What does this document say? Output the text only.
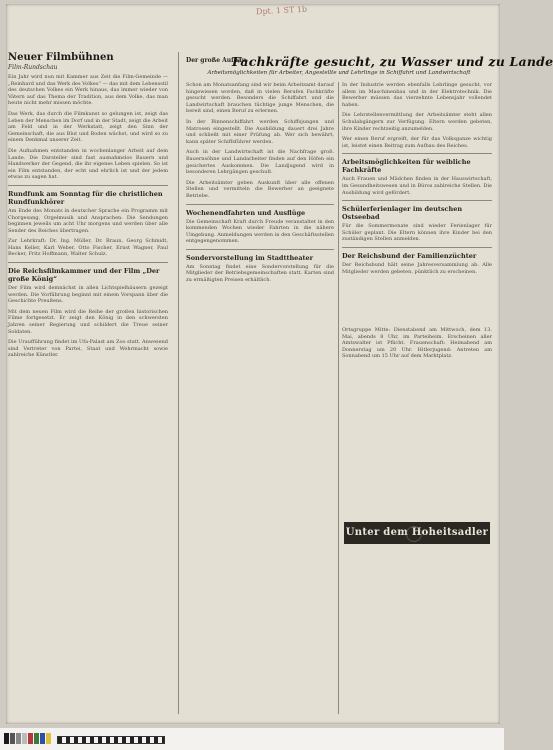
Dpt. 1 ST 1b
Neuer Filmbühnen
Film-Rundschau

Ein Jahr wird nun mit Kammer aus Zeit die Film-Gemeinde — „Reinhard und das Werk des Volkes“ — das mit dem Lebensstil des deutschen Volkes ein Werk hinaus, das immer wieder von Vätern auf das Thema der Tradition, aus dem Volke, das man heute nicht mehr missen möchte.

Das Werk, das durch die Filmkunst so gelungen ist, zeigt das Leben der Menschen im Dorf und in der Stadt, zeigt die Arbeit am Feld und in der Werkstatt, zeigt den Sinn der Gemeinschaft, die aus Blut und Boden wächst, und wird so zu einem Denkmal unserer Zeit.

Die Aufnahmen entstanden in wochenlanger Arbeit auf dem Lande. Die Darsteller sind fast ausnahmslos Bauern und Handwerker der Gegend, die ihr eigenes Leben spielen. So ist ein Film entstanden, der echt und ehrlich ist und der jedem etwas zu sagen hat.

Rundfunk am Sonntag für die christlichen Rundfunkhörer

Am Ende des Monats in deutscher Sprache ein Programm mit Chorgesang, Orgelmusik und Ansprachen. Die Sendungen beginnen jeweils um acht Uhr morgens und werden über alle Sender des Reiches übertragen.

Zur Lehrkraft: Dr. Ing. Müller, Dr. Braun, Georg Schmidt, Hans Keller, Karl Weber, Otto Fischer, Ernst Wagner, Paul Becker, Fritz Hoffmann, Walter Schulz.

Die Reichsfilmkammer und der Film „Der große König“

Der Film wird demnächst in allen Lichtspielhäusern gezeigt werden. Die Vorführung beginnt mit einem Vorspann über die Geschichte Preußens.

Mit dem neuen Film wird die Reihe der großen historischen Filme fortgesetzt. Er zeigt den König in den schwersten Jahren seiner Regierung und schildert die Treue seiner Soldaten.

Die Uraufführung findet im Ufa-Palast am Zoo statt. Anwesend sind Vertreter von Partei, Staat und Wehrmacht sowie zahlreiche Künstler.

Der große Aufbau
Fachkräfte gesucht, zu Wasser und zu Lande
Arbeitsmöglichkeiten für Arbeiter, Angestellte und Lehrlinge in Schiffahrt und Landwirtschaft

Schon am Monatsanfang sind wir beim Arbeitsamt darauf hingewiesen worden, daß in vielen Berufen Fachkräfte gesucht werden. Besonders die Schiffahrt und die Landwirtschaft brauchen tüchtige junge Menschen, die bereit sind, einen Beruf zu erlernen.

In der Binnenschiffahrt werden Schiffsjungen und Matrosen eingestellt. Die Ausbildung dauert drei Jahre und schließt mit einer Prüfung ab. Wer sich bewährt, kann später Schiffsführer werden.

Auch in der Landwirtschaft ist die Nachfrage groß. Bauernsöhne und Landarbeiter finden auf den Höfen ein gesichertes Auskommen. Die Landjugend wird in besonderen Lehrgängen geschult.

Die Arbeitsämter geben Auskunft über alle offenen Stellen und vermitteln die Bewerber an geeignete Betriebe.

Wochenendfahrten und Ausflüge

Die Gemeinschaft Kraft durch Freude veranstaltet in den kommenden Wochen wieder Fahrten in die nähere Umgebung. Anmeldungen werden in den Geschäftsstellen entgegengenommen.

Sondervorstellung im Stadttheater

Am Sonntag findet eine Sondervorstellung für die Mitglieder der Betriebsgemeinschaften statt. Karten sind zu ermäßigten Preisen erhältlich.

In der Industrie werden ebenfalls Lehrlinge gesucht, vor allem im Maschinenbau und in der Elektrotechnik. Die Bewerber müssen das vierzehnte Lebensjahr vollendet haben.

Die Lehrstellenvermittlung der Arbeitsämter steht allen Schulabgängern zur Verfügung. Eltern werden gebeten, ihre Kinder rechtzeitig anzumelden.

Wer einen Beruf ergreift, der für das Volksganze wichtig ist, leistet einen Beitrag zum Aufbau des Reiches.

Arbeitsmöglichkeiten für weibliche Fachkräfte

Auch Frauen und Mädchen finden in der Hauswirtschaft, im Gesundheitswesen und in Büros zahlreiche Stellen. Die Ausbildung wird gefördert.

Schülerferienlager im deutschen Ostseebad

Für die Sommermonate sind wieder Ferienlager für Schüler geplant. Die Eltern können ihre Kinder bei den zuständigen Stellen anmelden.

Der Reichsbund der Familienzüchter

Der Reichsbund hält seine Jahresversammlung ab. Alle Mitglieder werden gebeten, pünktlich zu erscheinen.

Ortsgruppe Mitte: Dienstabend am Mittwoch, dem 13. Mai, abends 8 Uhr, im Parteiheim. Erscheinen aller Amtswalter ist Pflicht. Frauenschaft: Heimabend am Donnerstag um 20 Uhr. Hitlerjugend: Antreten am Sonnabend um 15 Uhr auf dem Marktplatz.

Unter dem Hoheitsadler
